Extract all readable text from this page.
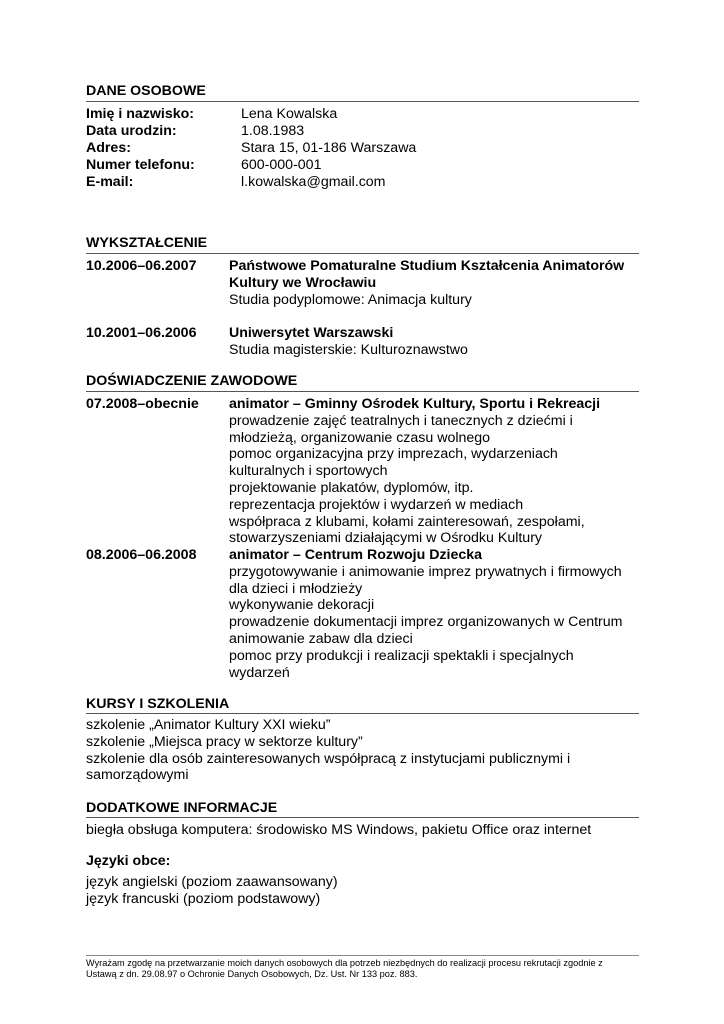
DANE OSOBOWE
Imię i nazwisko:	Lena Kowalska
Data urodzin:	1.08.1983
Adres:	Stara 15, 01-186 Warszawa
Numer telefonu:	600-000-001
E-mail:	l.kowalska@gmail.com
WYKSZTAŁCENIE
10.2006–06.2007 Państwowe Pomaturalne Studium Kształcenia Animatorów
Kultury we Wrocławiu
Studia podyplomowe: Animacja kultury
10.2001–06.2006 Uniwersytet Warszawski
Studia magisterskie: Kulturoznawstwo
DOŚWIADCZENIE ZAWODOWE
07.2008–obecnie animator – Gminny Ośrodek Kultury, Sportu i Rekreacji
prowadzenie zajęć teatralnych i tanecznych z dziećmi i
młodzieżą, organizowanie czasu wolnego
pomoc organizacyjna przy imprezach, wydarzeniach
kulturalnych i sportowych
projektowanie plakatów, dyplomów, itp.
reprezentacja projektów i wydarzeń w mediach
współpraca z klubami, kołami zainteresowań, zespołami,
stowarzyszeniami działającymi w Ośrodku Kultury
08.2006–06.2008 animator – Centrum Rozwoju Dziecka
przygotowywanie i animowanie imprez prywatnych i firmowych
dla dzieci i młodzieży
wykonywanie dekoracji
prowadzenie dokumentacji imprez organizowanych w Centrum
animowanie zabaw dla dzieci
pomoc przy produkcji i realizacji spektakli i specjalnych
wydarzeń
KURSY I SZKOLENIA
szkolenie „Animator Kultury XXI wieku”
szkolenie „Miejsca pracy w sektorze kultury”
szkolenie dla osób zainteresowanych współpracą z instytucjami publicznymi i
samorządowymi
DODATKOWE INFORMACJE
biegła obsługa komputera: środowisko MS Windows, pakietu Office oraz internet
Języki obce:
język angielski (poziom zaawansowany)
język francuski (poziom podstawowy)
Wyrażam zgodę na przetwarzanie moich danych osobowych dla potrzeb niezbędnych do realizacji procesu rekrutacji zgodnie z
Ustawą z dn. 29.08.97 o Ochronie Danych Osobowych, Dz. Ust. Nr 133 poz. 883.
